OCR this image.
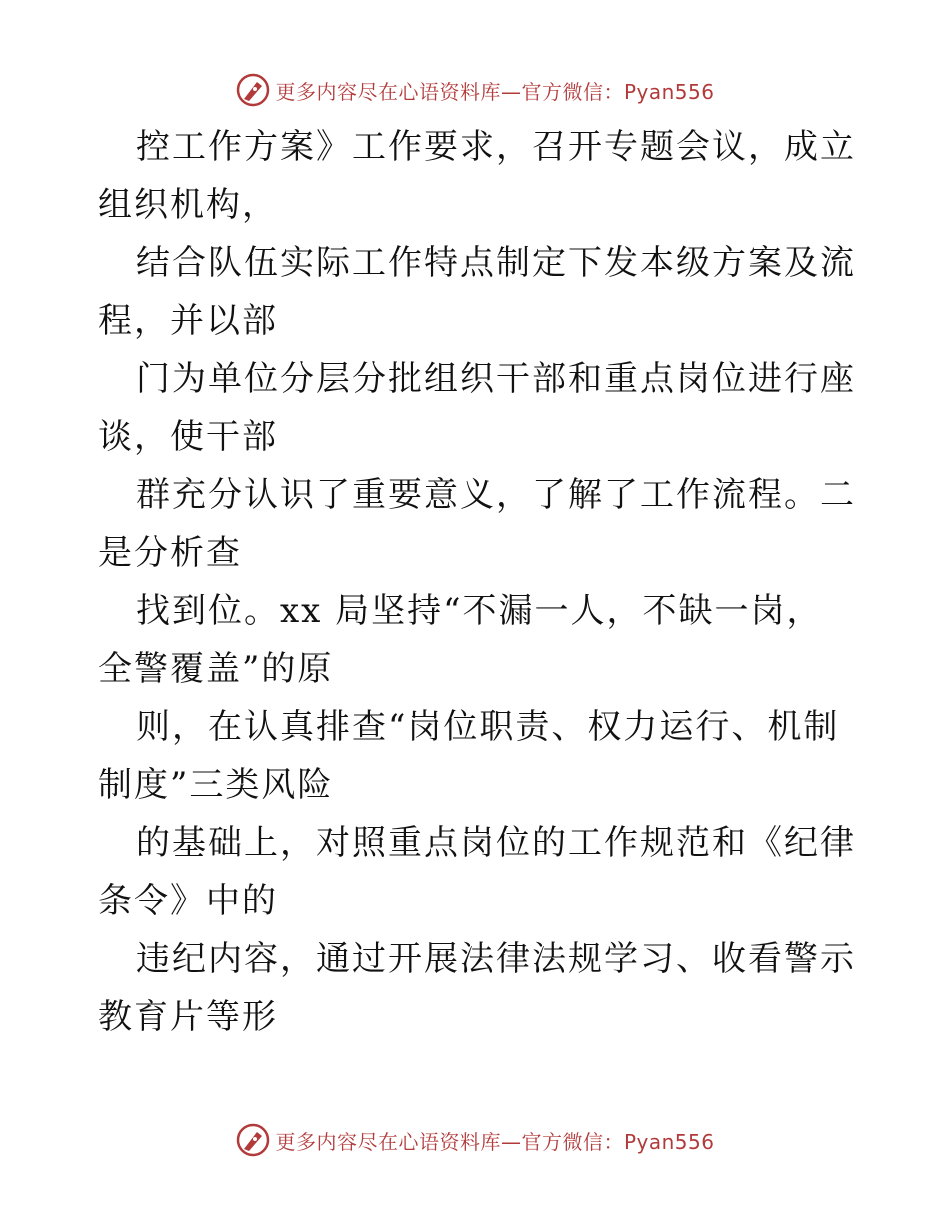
更多内容尽在心语资料库—官方微信：Pyan556

控工作方案》工作要求，召开专题会议，成立组织机构，

结合队伍实际工作特点制定下发本级方案及流程，并以部

门为单位分层分批组织干部和重点岗位进行座谈，使干部

群充分认识了重要意义，了解了工作流程。二是分析查

找到位。xx 局坚持“不漏一人，不缺一岗，全警覆盖”的原

则，在认真排查“岗位职责、权力运行、机制制度”三类风险

的基础上，对照重点岗位的工作规范和《纪律条令》中的

违纪内容，通过开展法律法规学习、收看警示教育片等形

更多内容尽在心语资料库—官方微信：Pyan556
